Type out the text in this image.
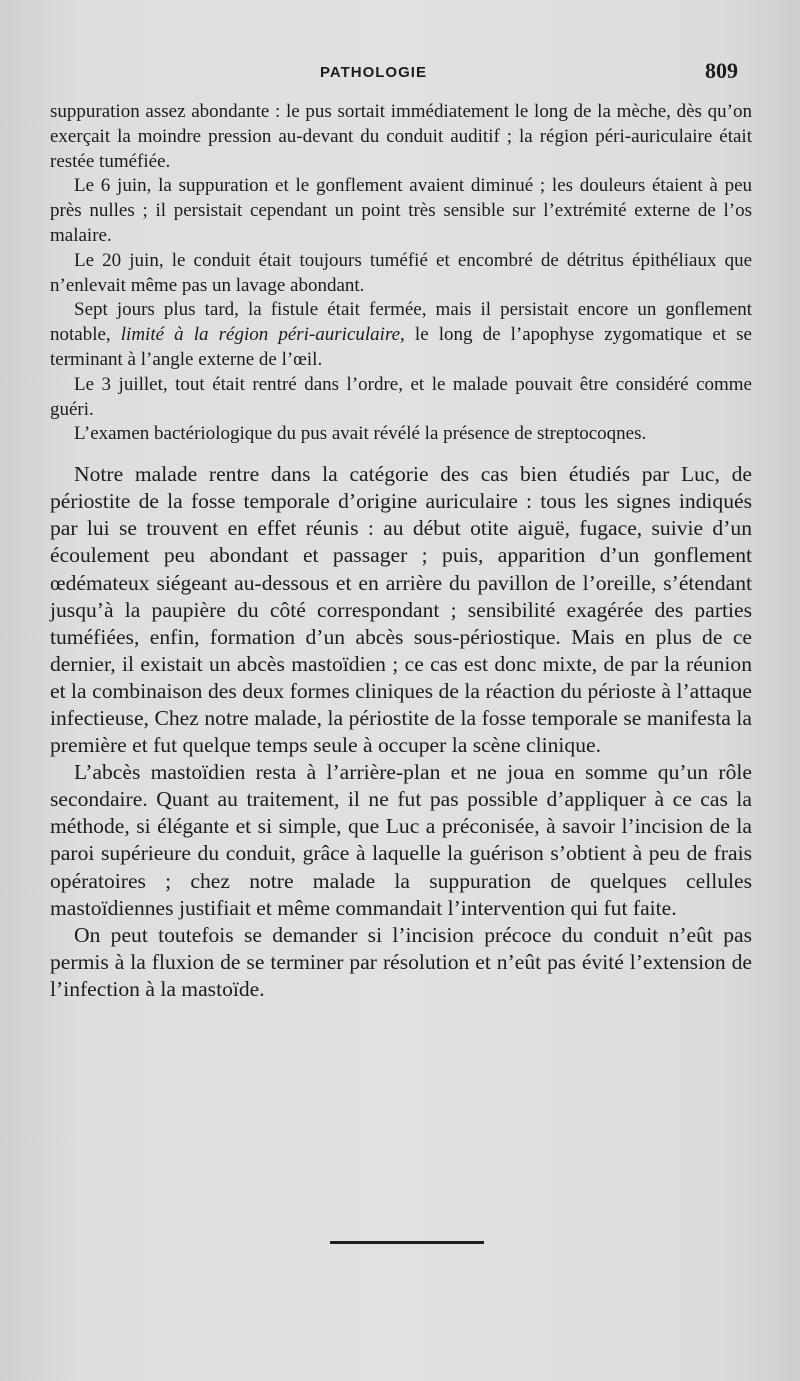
PATHOLOGIE	809

suppuration assez abondante : le pus sortait immédiatement le long de la mèche, dès qu’on exerçait la moindre pression au-devant du conduit auditif ; la région péri-auriculaire était restée tuméfiée.

Le 6 juin, la suppuration et le gonflement avaient diminué ; les douleurs étaient à peu près nulles ; il persistait cependant un point très sensible sur l’extrémité externe de l’os malaire.

Le 20 juin, le conduit était toujours tuméfié et encombré de détritus épithéliaux que n’enlevait même pas un lavage abondant.

Sept jours plus tard, la fistule était fermée, mais il persistait encore un gonflement notable, limité à la région péri-auriculaire, le long de l’apophyse zygomatique et se terminant à l’angle externe de l’œil.

Le 3 juillet, tout était rentré dans l’ordre, et le malade pouvait être considéré comme guéri.

L’examen bactériologique du pus avait révélé la présence de streptocoqnes.

Notre malade rentre dans la catégorie des cas bien étudiés par Luc, de périostite de la fosse temporale d’origine auriculaire : tous les signes indiqués par lui se trouvent en effet réunis : au début otite aiguë, fugace, suivie d’un écoulement peu abondant et passager ; puis, apparition d’un gonflement œdémateux siégeant au-dessous et en arrière du pavillon de l’oreille, s’étendant jusqu’à la paupière du côté correspondant ; sensibilité exagérée des parties tuméfiées, enfin, formation d’un abcès sous-périostique. Mais en plus de ce dernier, il existait un abcès mastoïdien ; ce cas est donc mixte, de par la réunion et la combinaison des deux formes cliniques de la réaction du périoste à l’attaque infectieuse, Chez notre malade, la périostite de la fosse temporale se manifesta la première et fut quelque temps seule à occuper la scène clinique.

L’abcès mastoïdien resta à l’arrière-plan et ne joua en somme qu’un rôle secondaire. Quant au traitement, il ne fut pas possible d’appliquer à ce cas la méthode, si élégante et si simple, que Luc a préconisée, à savoir l’incision de la paroi supérieure du conduit, grâce à laquelle la guérison s’obtient à peu de frais opératoires ; chez notre malade la suppuration de quelques cellules mastoïdiennes justifiait et même commandait l’intervention qui fut faite.

On peut toutefois se demander si l’incision précoce du conduit n’eût pas permis à la fluxion de se terminer par résolution et n’eût pas évité l’extension de l’infection à la mastoïde.
